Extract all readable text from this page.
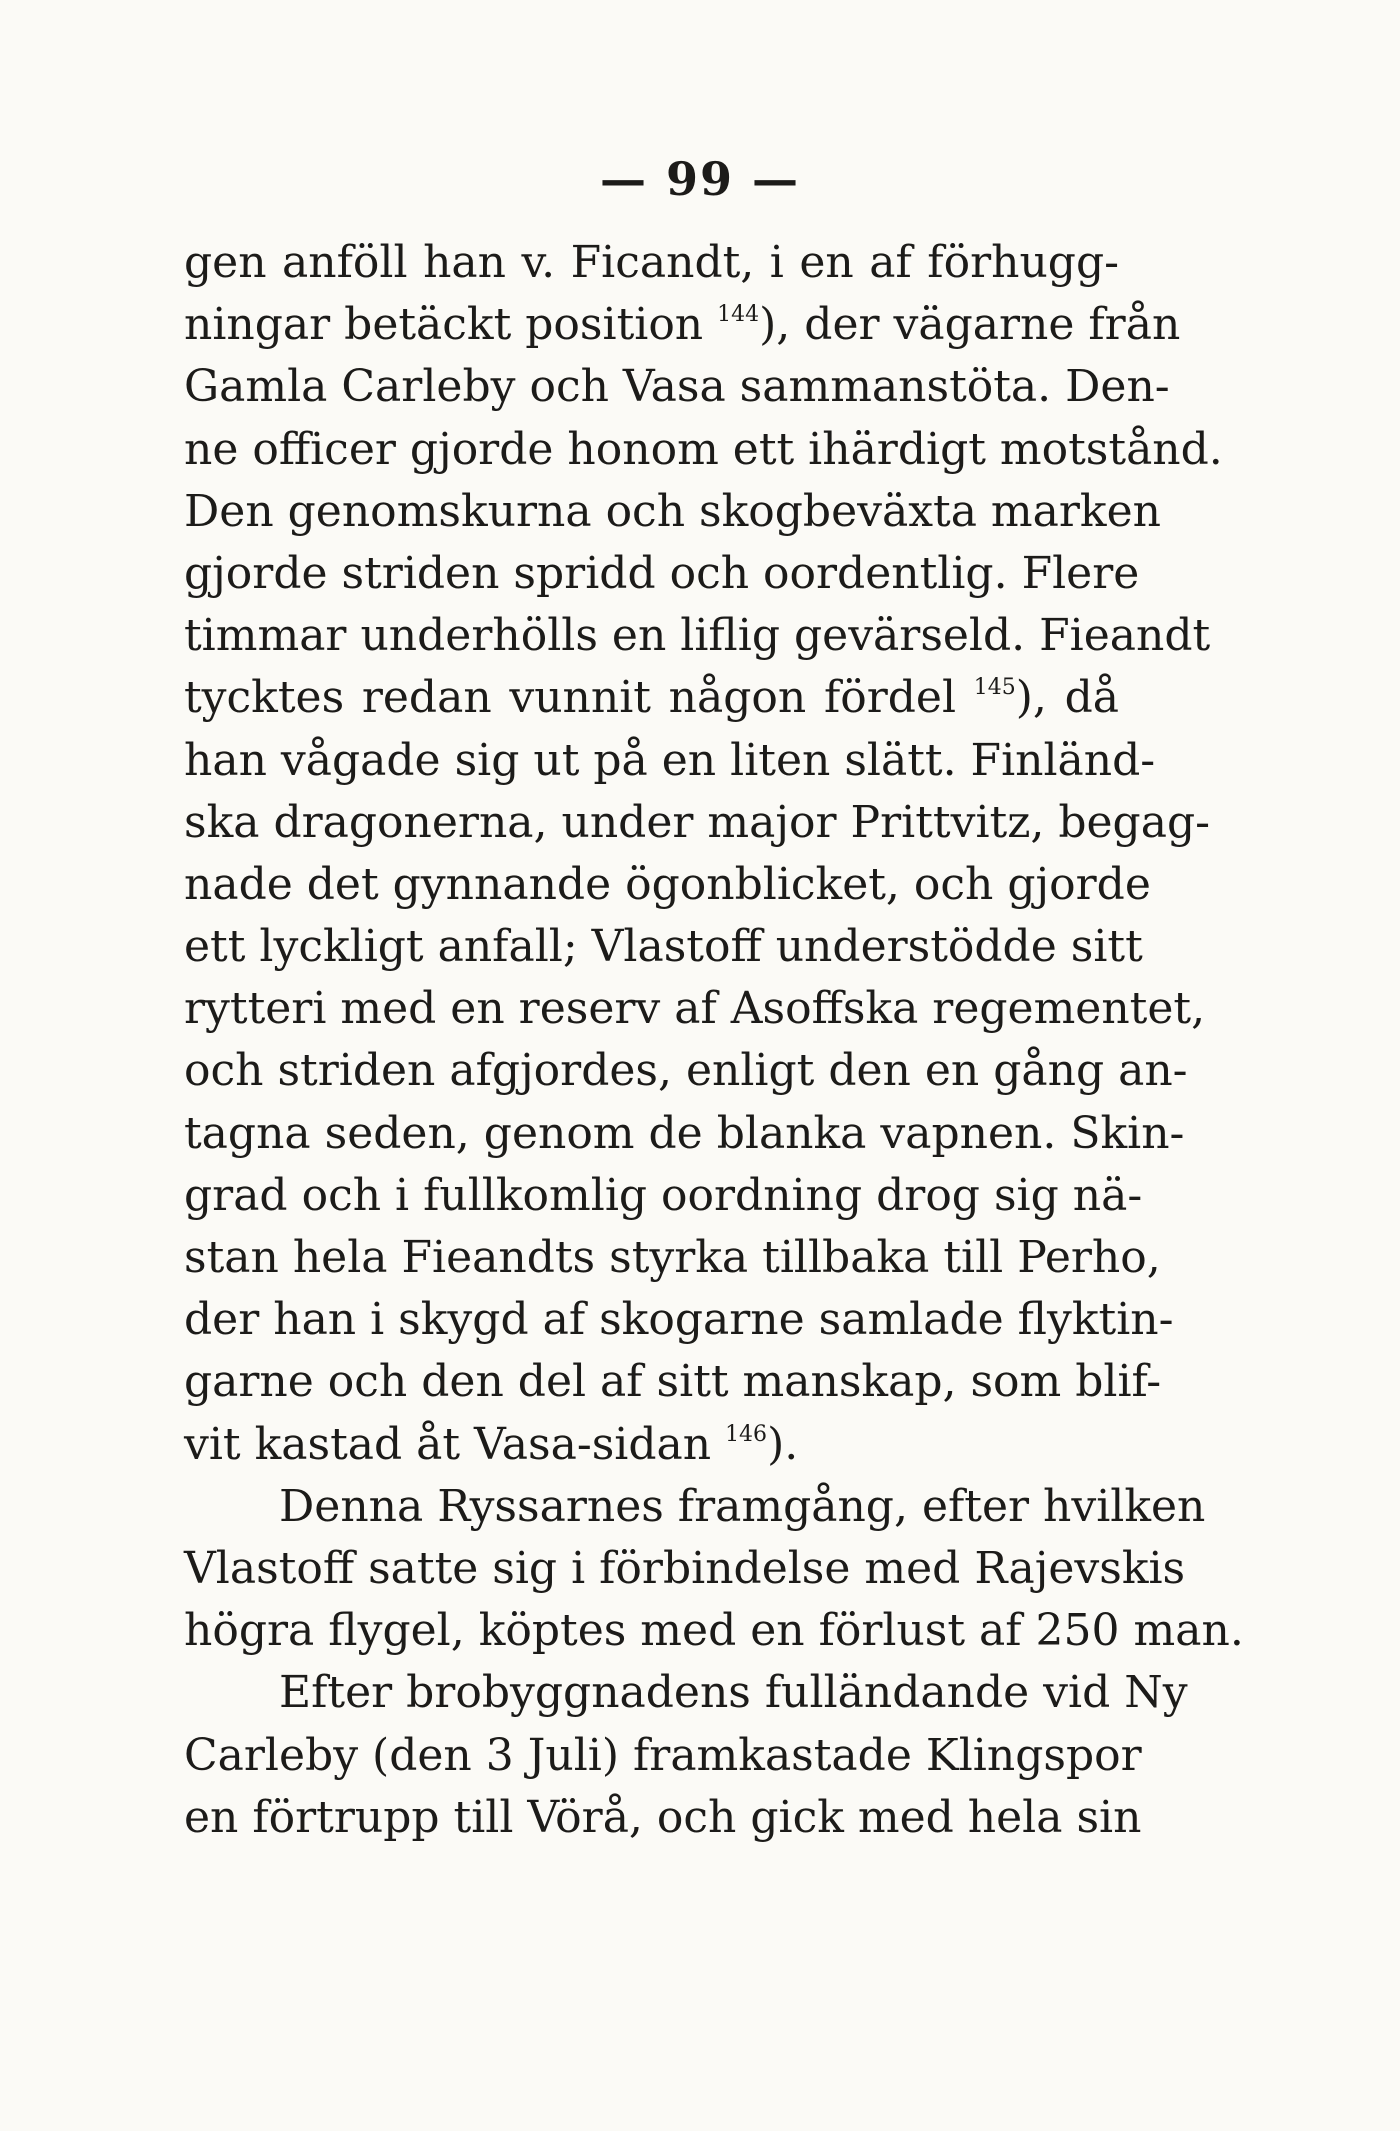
— 99 —
gen anföll han v. Ficandt, i en af förhugg-
ningar betäckt position $^{144}$), der vägarne från
Gamla Carleby och Vasa sammanstöta. Den-
ne officer gjorde honom ett ihärdigt motstånd.
Den genomskurna och skogbeväxta marken
gjorde striden spridd och oordentlig. Flere
timmar underhölls en liflig gevärseld. Fieandt
tycktes redan vunnit någon fördel $^{145}$), då
han vågade sig ut på en liten slätt. Finländ-
ska dragonerna, under major Prittvitz, begag-
nade det gynnande ögonblicket, och gjorde
ett lyckligt anfall; Vlastoff understödde sitt
rytteri med en reserv af Asoffska regementet,
och striden afgjordes, enligt den en gång an-
tagna seden, genom de blanka vapnen. Skin-
grad och i fullkomlig oordning drog sig nä-
stan hela Fieandts styrka tillbaka till Perho,
der han i skygd af skogarne samlade flyktin-
garne och den del af sitt manskap, som blif-
vit kastad åt Vasa-sidan $^{146}$).
Denna Ryssarnes framgång, efter hvilken
Vlastoff satte sig i förbindelse med Rajevskis
högra flygel, köptes med en förlust af 250 man.
Efter brobyggnadens fulländande vid Ny
Carleby (den 3 Juli) framkastade Klingspor
en förtrupp till Vörå, och gick med hela sin
